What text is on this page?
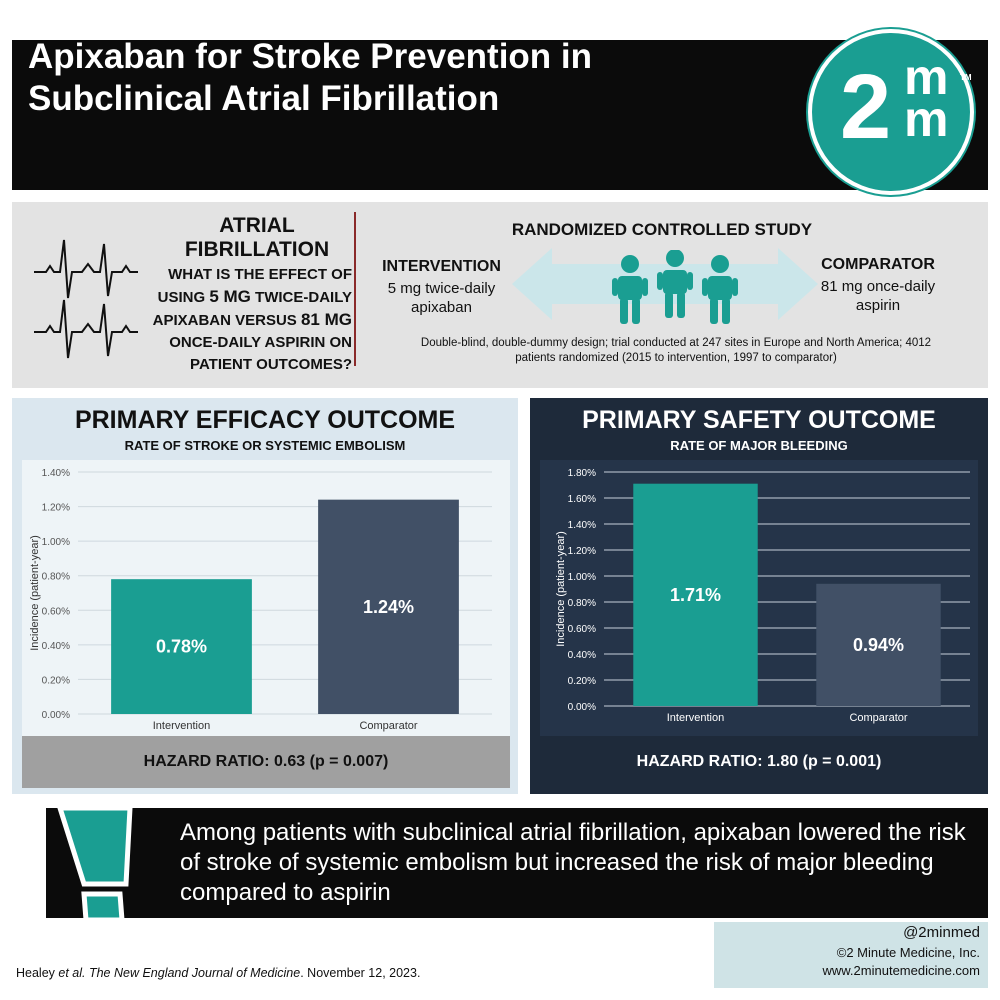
Apixaban for Stroke Prevention in
Subclinical Atrial Fibrillation	2 m
m
TM
ATRIAL
FIBRILLATION
WHAT IS THE EFFECT OF USING 5 MG TWICE-DAILY APIXABAN VERSUS 81 MG ONCE-DAILY ASPIRIN ON PATIENT OUTCOMES?
RANDOMIZED CONTROLLED STUDY
INTERVENTION
5 mg twice-daily apixaban
COMPARATOR
81 mg once-daily aspirin
Double-blind, double-dummy design; trial conducted at 247 sites in Europe and North America; 4012 patients randomized (2015 to intervention, 1997 to comparator)
PRIMARY EFFICACY OUTCOME
RATE OF STROKE OR SYSTEMIC EMBOLISM
0.00%
0.20%
0.40%
0.60%
0.80%
1.00%
1.20%
1.40%
Incidence (patient-year)	0.78%
Intervention
1.24%
Comparator
HAZARD RATIO: 0.63 (p = 0.007)
PRIMARY SAFETY OUTCOME
RATE OF MAJOR BLEEDING
0.00%
0.20%
0.40%
0.60%
0.80%
1.00%
1.20%
1.40%
1.60%
1.80%
Incidence (patient-year)	1.71%
Intervention
0.94%
Comparator
HAZARD RATIO: 1.80 (p = 0.001)
Among patients with subclinical atrial fibrillation, apixaban lowered the risk of stroke of systemic embolism but increased the risk of major bleeding compared to aspirin
@2minmed
©2 Minute Medicine, Inc.
www.2minutemedicine.com
Healey et al. The New England Journal of Medicine. November 12, 2023.
